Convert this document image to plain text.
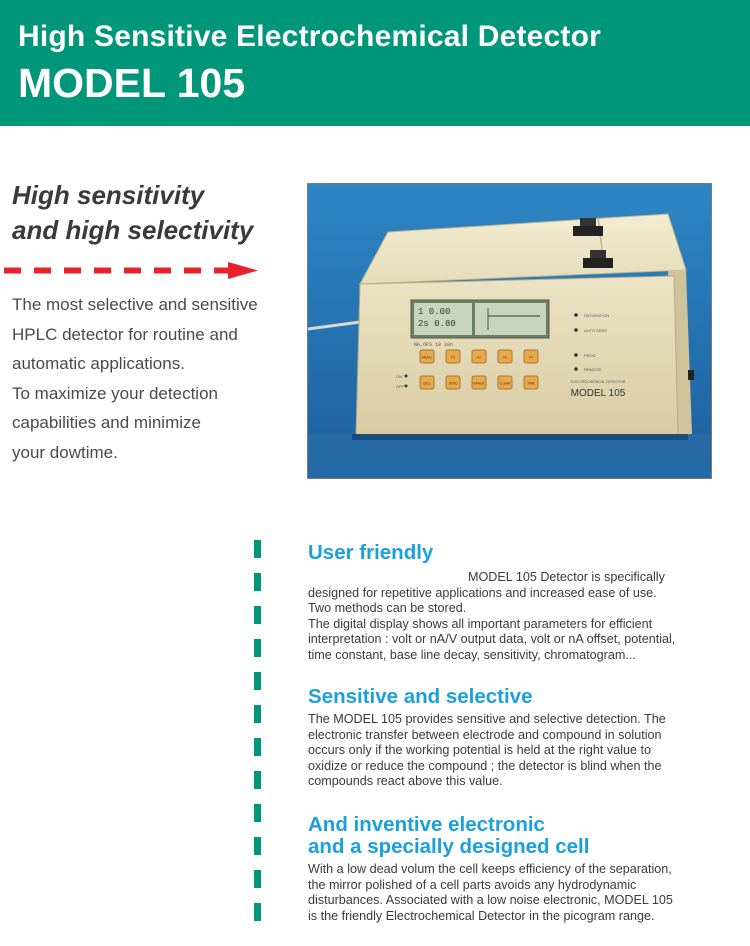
High Sensitive Electrochemical Detector
MODEL 105
High sensitivity
and high selectivity
The most selective and sensitive
HPLC detector for routine and
automatic applications.
To maximize your detection
capabilities and minimize
your dowtime.
1 0.00
2s 0.80
NA.OFS 10 10n
SATURATION
AUTO ZERO
PROG
REMOTE
ON
OFF
MENU	F1	F2	F3	F4
CELL	ZERO	RANGE	CLEAR	TIME	ELECTROCHEMICAL DETECTOR
MODEL 105
User friendly

MODEL 105 Detector is specifically
designed for repetitive applications and increased ease of use.
Two methods can be stored.
The digital display shows all important parameters for efficient
interpretation : volt or nA/V output data, volt or nA offset, potential,
time constant, base line decay, sensitivity, chromatogram...

Sensitive and selective

The MODEL 105 provides sensitive and selective detection. The
electronic transfer between electrode and compound in solution
occurs only if the working potential is held at the right value to
oxidize or reduce the compound ; the detector is blind when the
compounds react above this value.

And inventive electronic
and a specially designed cell

With a low dead volum the cell keeps efficiency of the separation,
the mirror polished of a cell parts avoids any hydrodynamic
disturbances. Associated with a low noise electronic, MODEL 105
is the friendly Electrochemical Detector in the picogram range.
